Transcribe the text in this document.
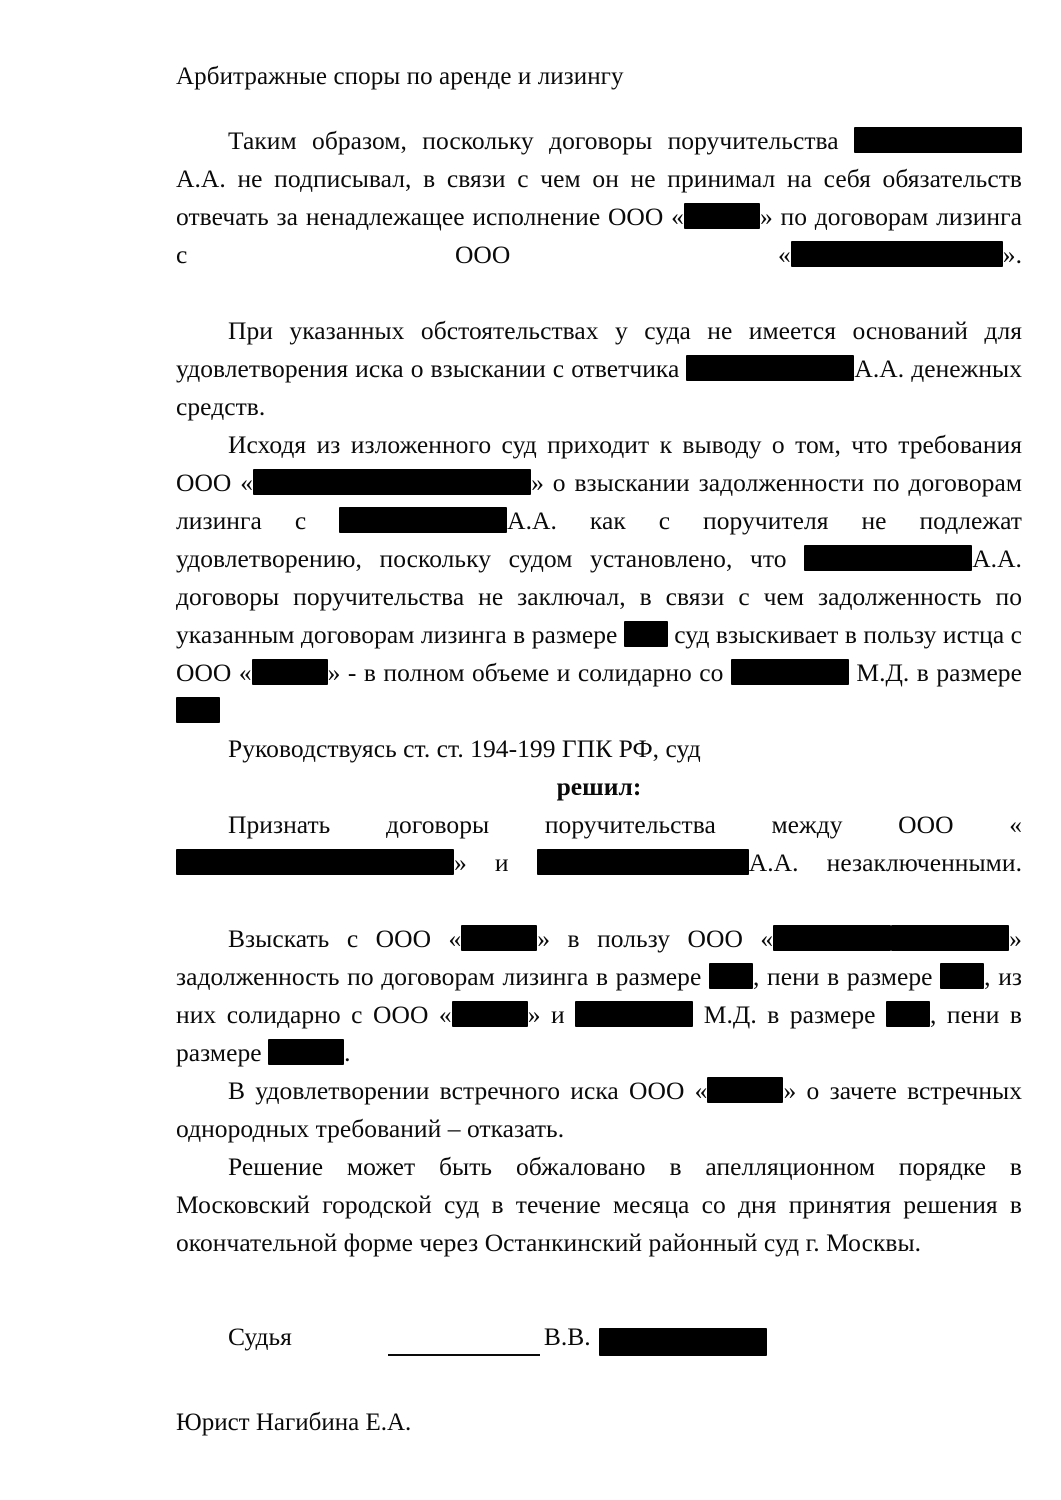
Арбитражные споры по аренде и лизингу

Таким образом, поскольку договоры поручительства  А.А. не подписывал, в связи с чем он не принимал на себя обязательств отвечать за ненадлежащее исполнение ООО «	» по договорам лизинга с ООО «	».

При указанных обстоятельствах у суда не имеется оснований для удовлетворения иска о взыскании с ответчика	А.А. денежных средств.

Исходя из изложенного суд приходит к выводу о том, что требования ООО «	» о взыскании задолженности по договорам лизинга с	А.А. как с поручителя не подлежат удовлетворению, поскольку судом установлено, что	А.А. договоры поручительства не заключал, в связи с чем задолженность по указанным договорам лизинга в размере суд взыскивает в пользу истца с ООО «	» - в полном объеме и солидарно со	М.Д. в размере

Руководствуясь ст. ст. 194-199 ГПК РФ, суд

решил:

Признать договоры поручительства между ООО «» и	А.А. незаключенными.

Взыскать с ООО «	» в пользу ООО «	» задолженность по договорам лизинга в размере , пени в размере , из них солидарно с ООО «	» и	М.Д. в размере , пени в размере	.

В удовлетворении встречного иска ООО «	» о зачете встречных однородных требований – отказать.

Решение может быть обжаловано в апелляционном порядке в Московский городской суд в течение месяца со дня принятия решения в окончательной форме через Останкинский районный суд г. Москвы.

Судья	В.В.
Юрист Нагибина Е.А.
